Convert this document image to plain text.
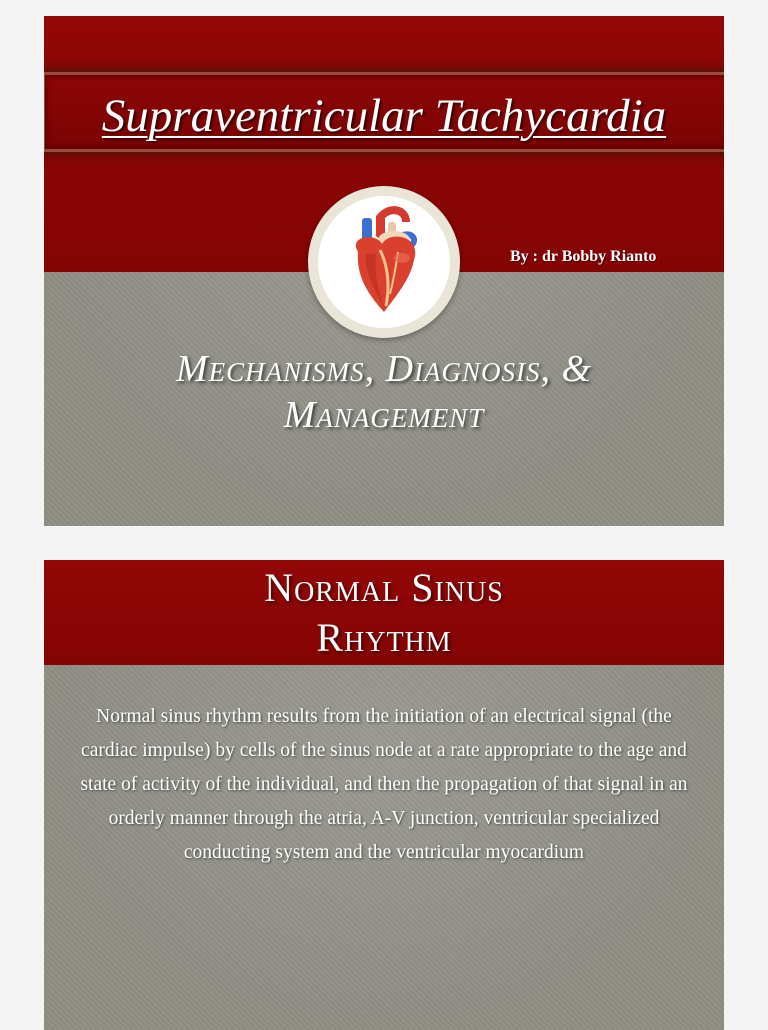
Supraventricular Tachycardia
By : dr Bobby Rianto
Mechanisms, Diagnosis, &
Management
Normal Sinus
Rhythm
Normal sinus rhythm results from the initiation of an electrical signal (the cardiac impulse) by cells of the sinus node at a rate appropriate to the age and state of activity of the individual, and then the propagation of that signal in an orderly manner through the atria, A-V junction, ventricular specialized conducting system and the ventricular myocardium
